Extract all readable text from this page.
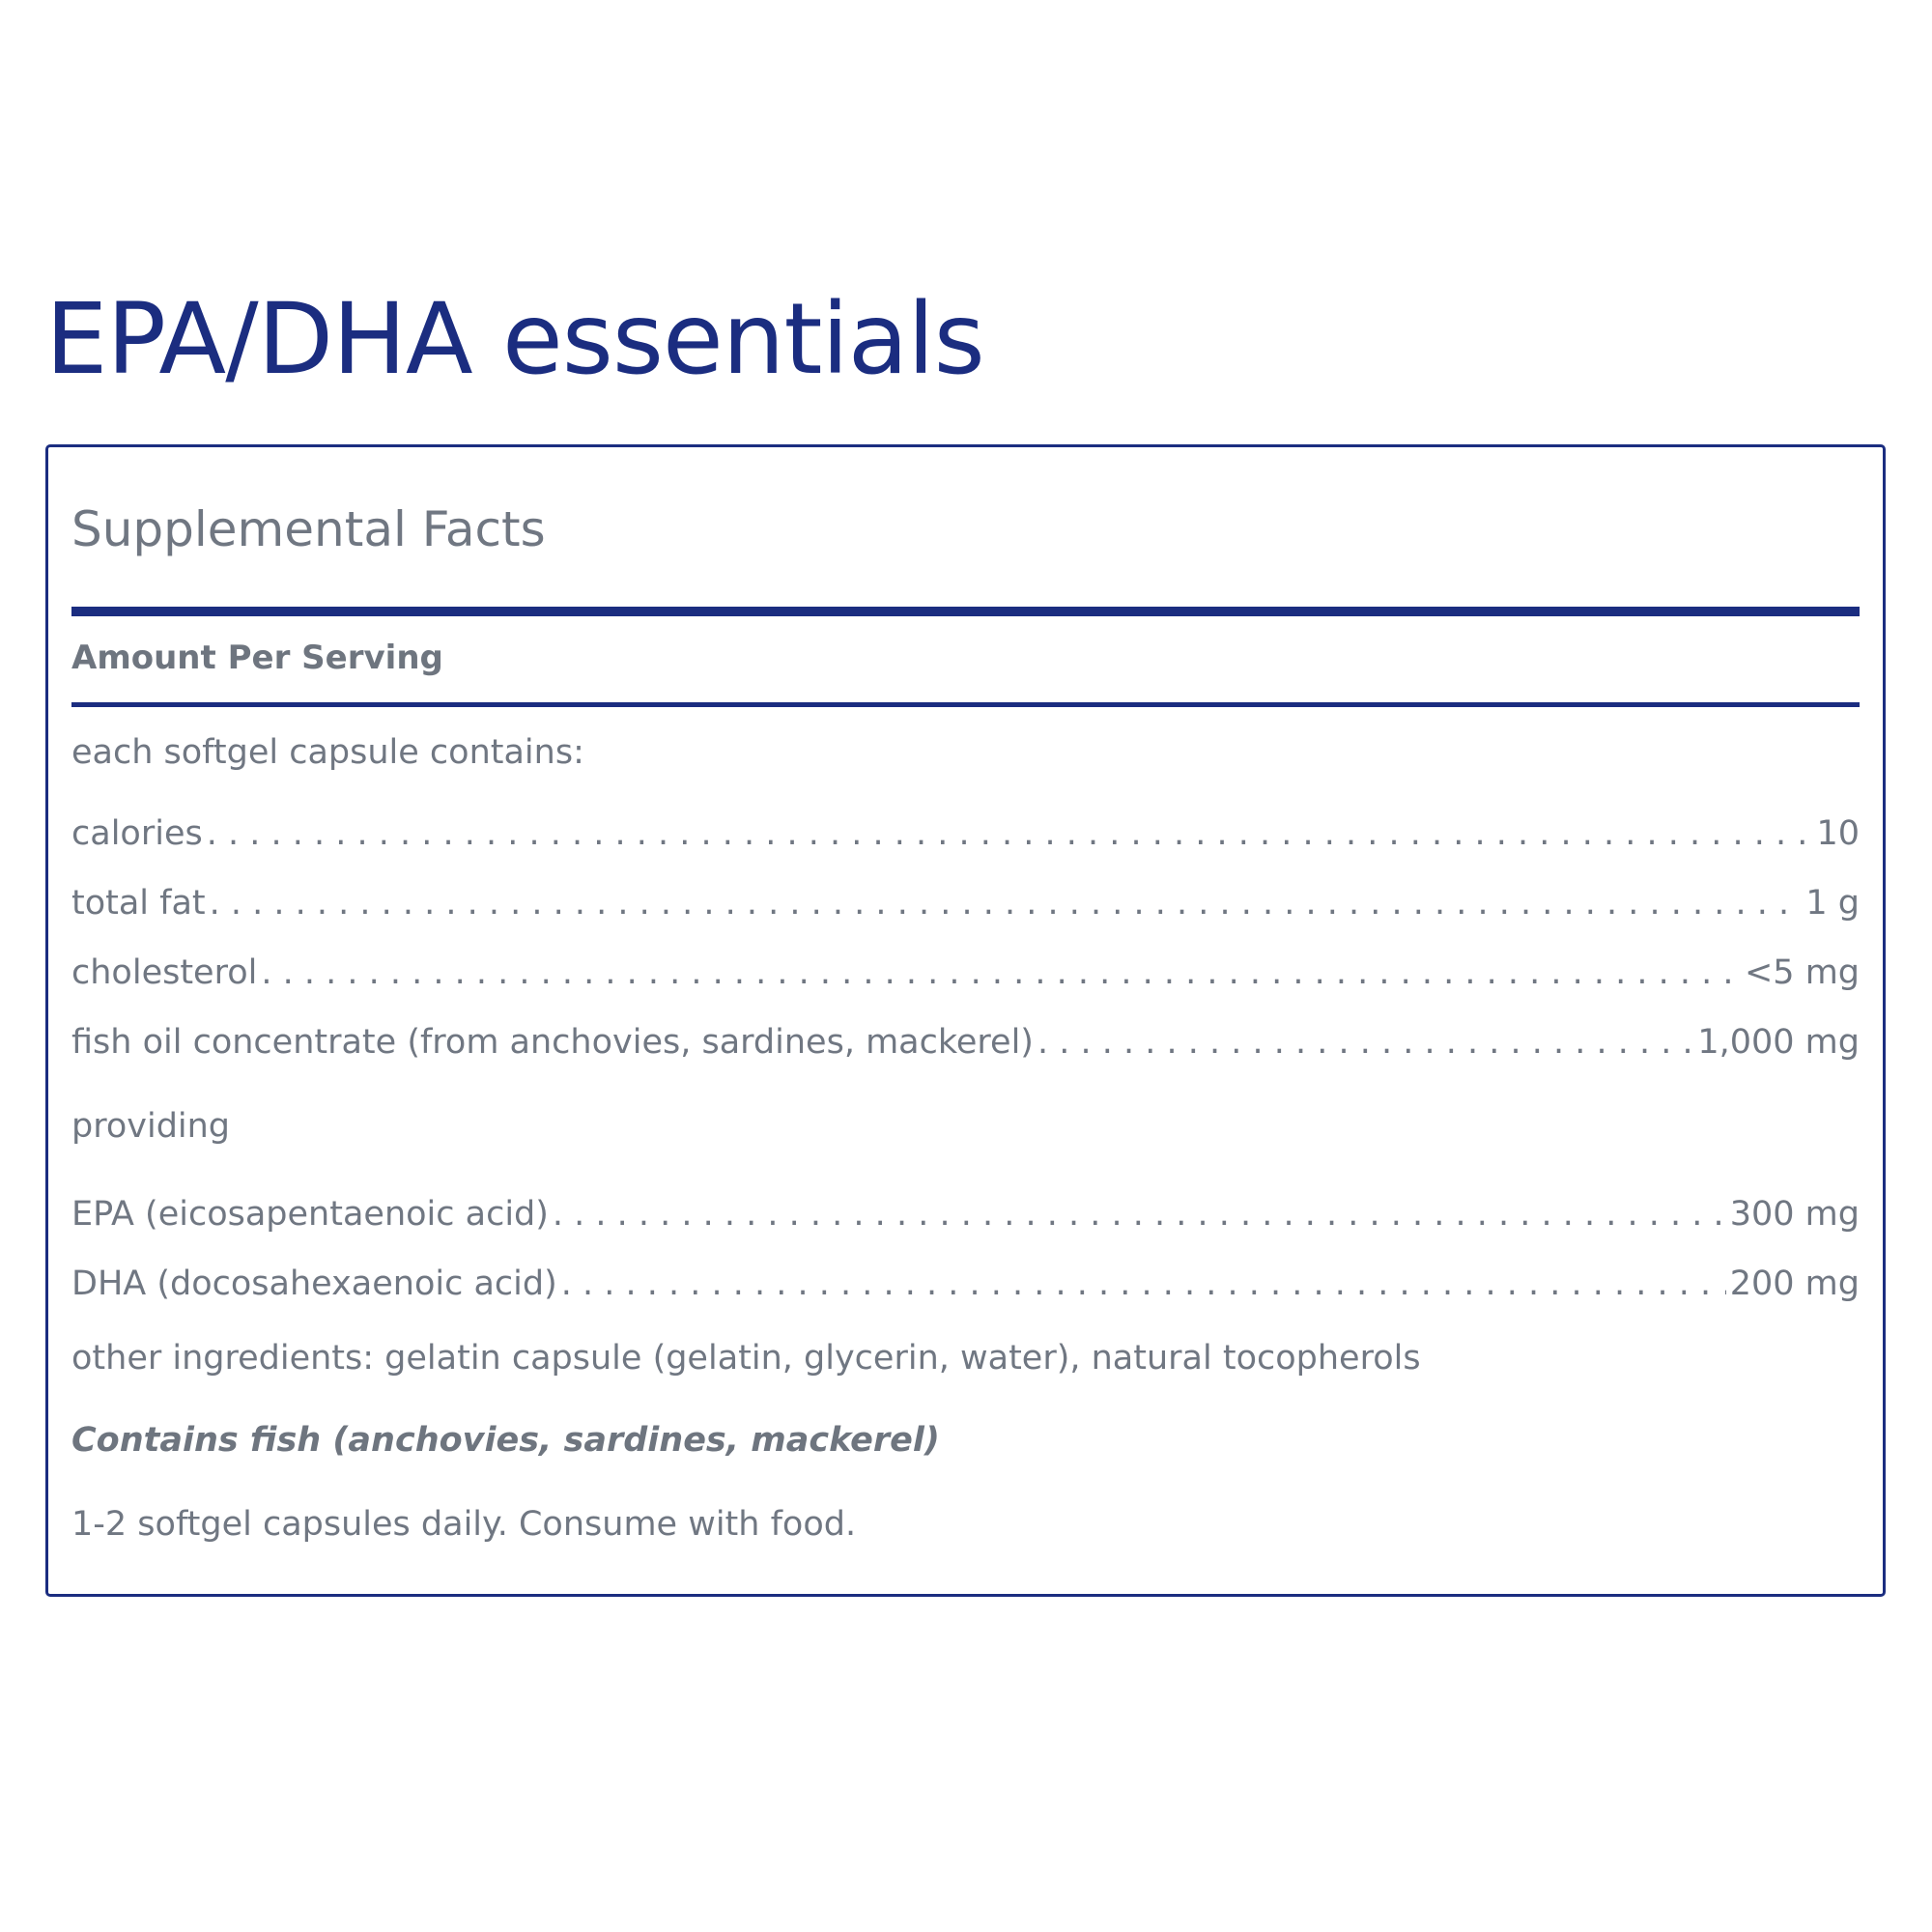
EPA/DHA essentials
Supplemental Facts
Amount Per Serving
each softgel capsule contains:
calories . . .	10
total fat . . .	1 g
cholesterol . . .	<5 mg
fish oil concentrate (from anchovies, sardines, mackerel) . . .	1,000 mg
providing
EPA (eicosapentaenoic acid) . . .	300 mg
DHA (docosahexaenoic acid) . . .	200 mg
other ingredients: gelatin capsule (gelatin, glycerin, water), natural tocopherols
Contains fish (anchovies, sardines, mackerel)
1-2 softgel capsules daily. Consume with food.
